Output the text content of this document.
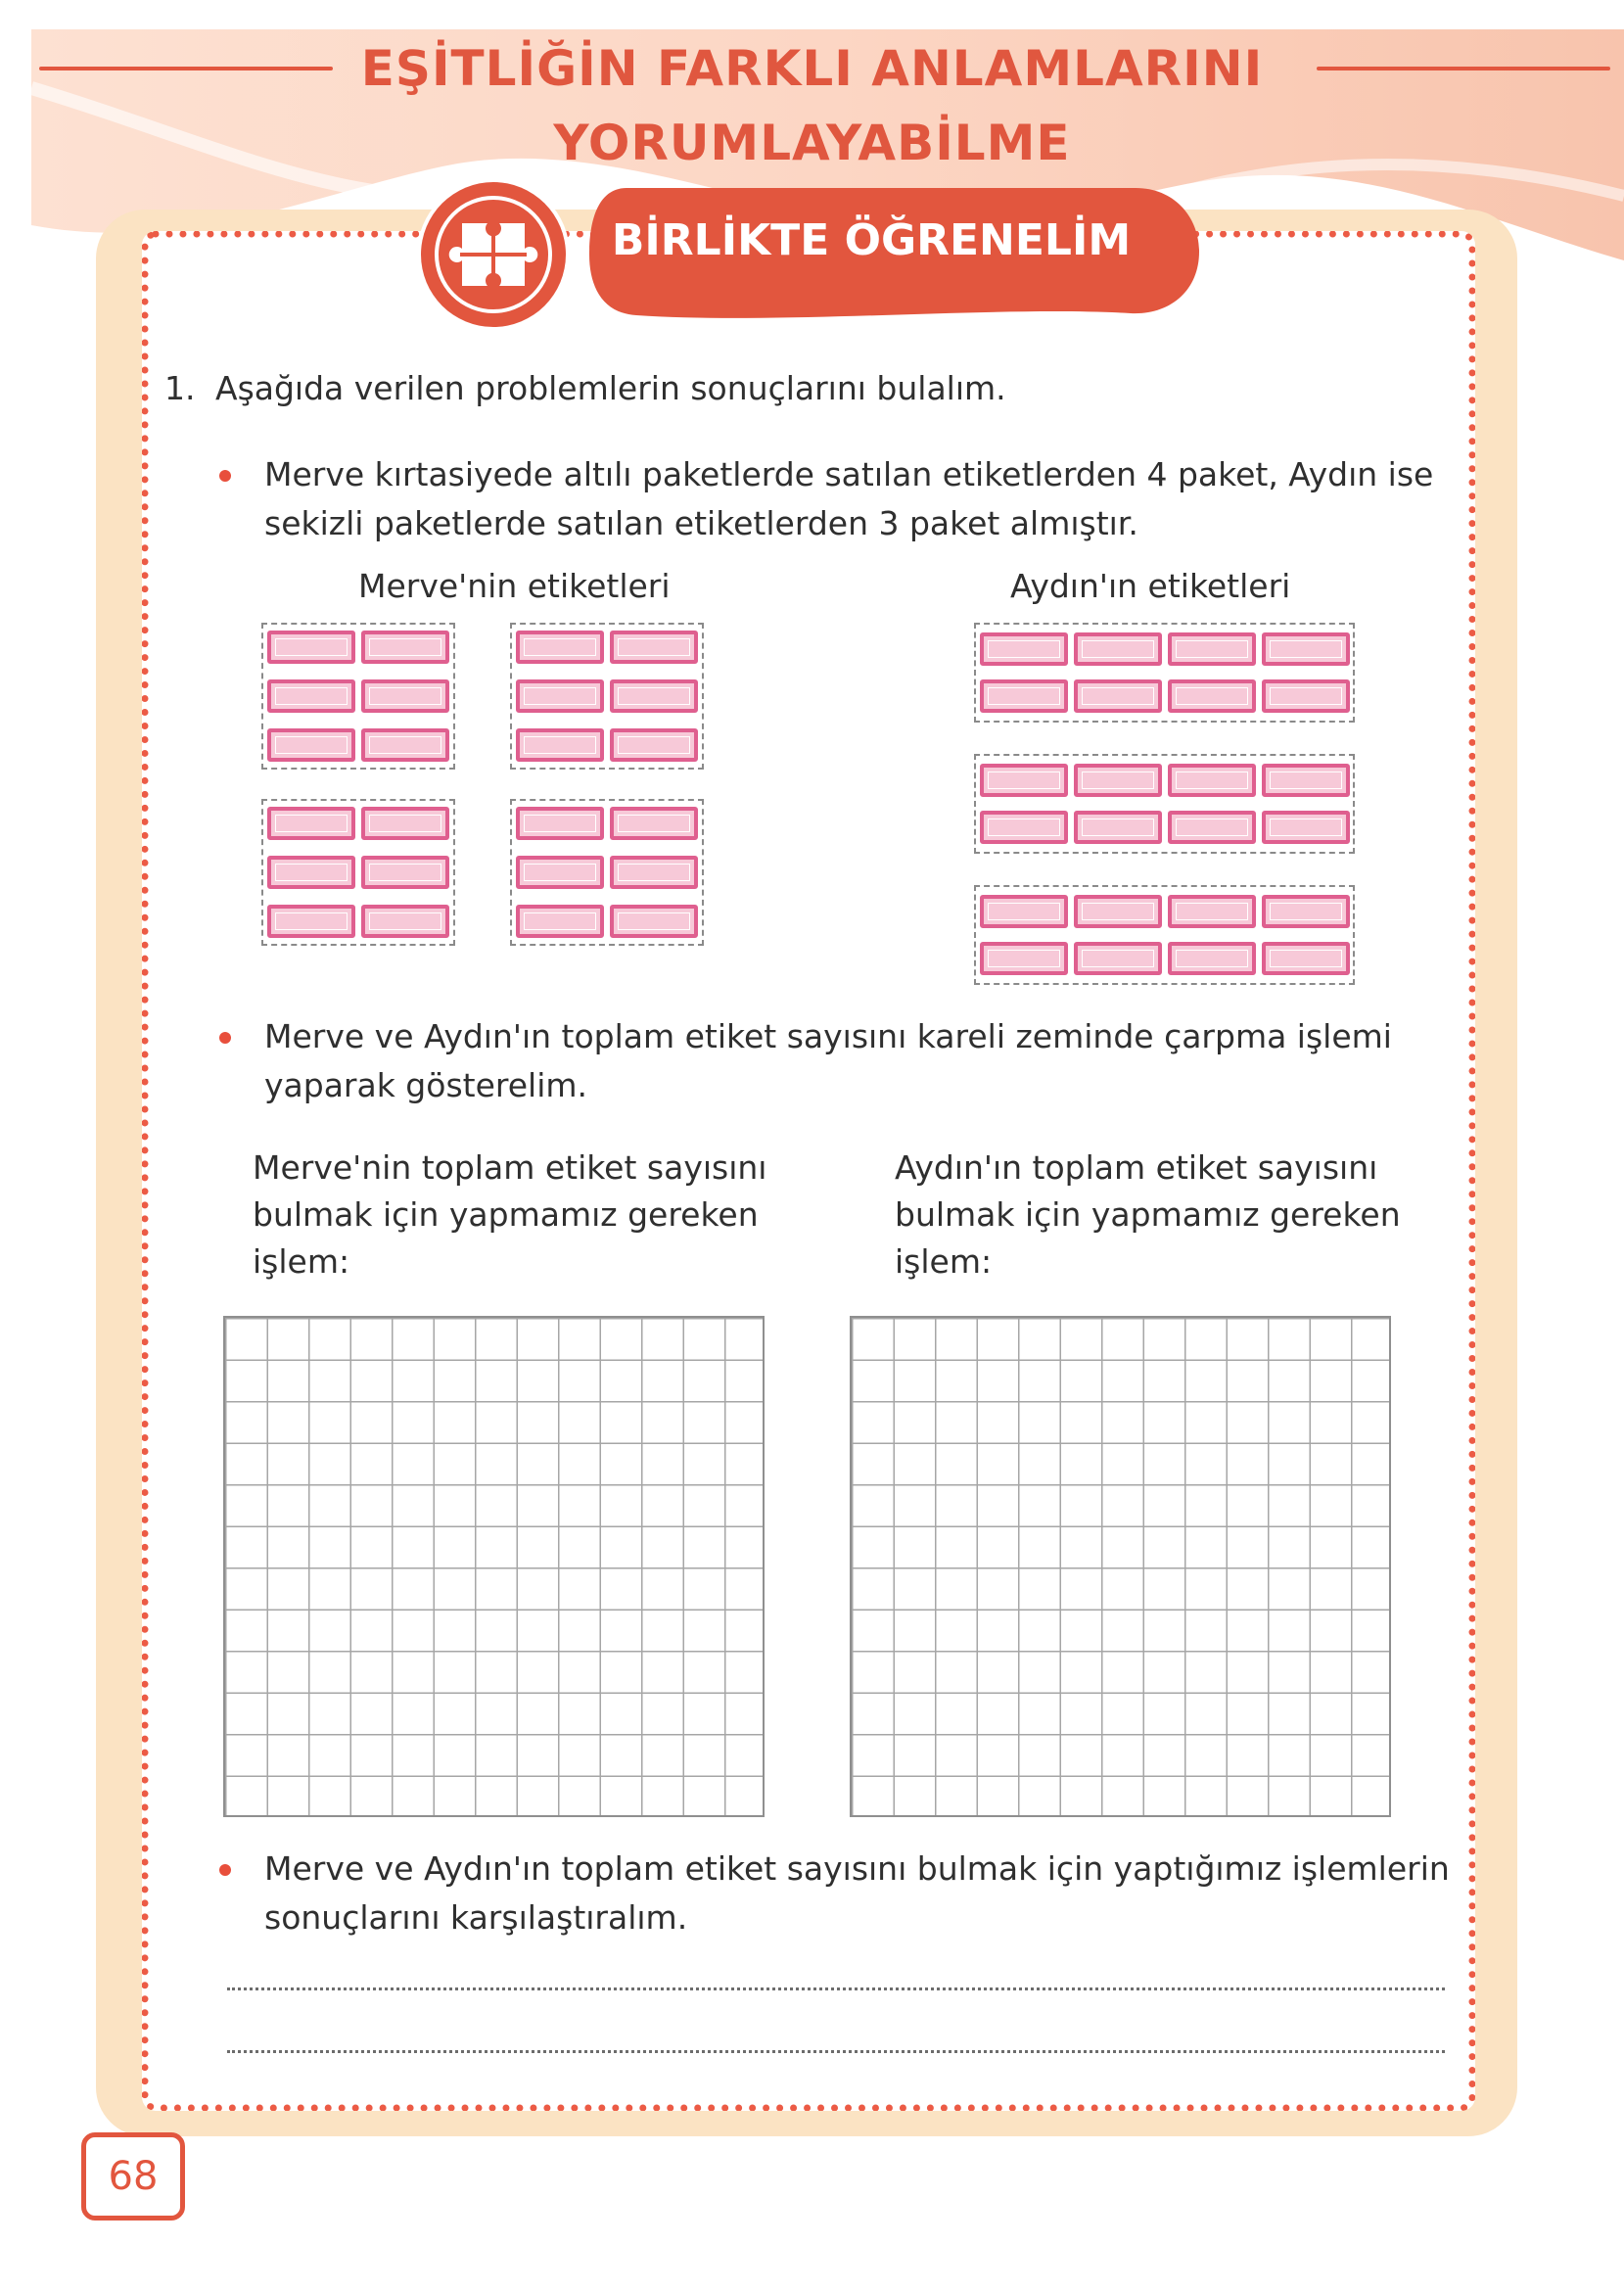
EŞİTLİĞİN FARKLI ANLAMLARINI
YORUMLAYABİLME
BİRLİKTE ÖĞRENELİM
1. Aşağıda verilen problemlerin sonuçlarını bulalım.
Merve kırtasiyede altılı paketlerde satılan etiketlerden 4 paket, Aydın ise
sekizli paketlerde satılan etiketlerden 3 paket almıştır.
Merve'nin etiketleri	Aydın'ın etiketleri
Merve ve Aydın'ın toplam etiket sayısını kareli zeminde çarpma işlemi
yaparak gösterelim.
Merve'nin toplam etiket sayısını
bulmak için yapmamız gereken
işlem:
Aydın'ın toplam etiket sayısını
bulmak için yapmamız gereken
işlem:
Merve ve Aydın'ın toplam etiket sayısını bulmak için yaptığımız işlemlerin
sonuçlarını karşılaştıralım.
68
